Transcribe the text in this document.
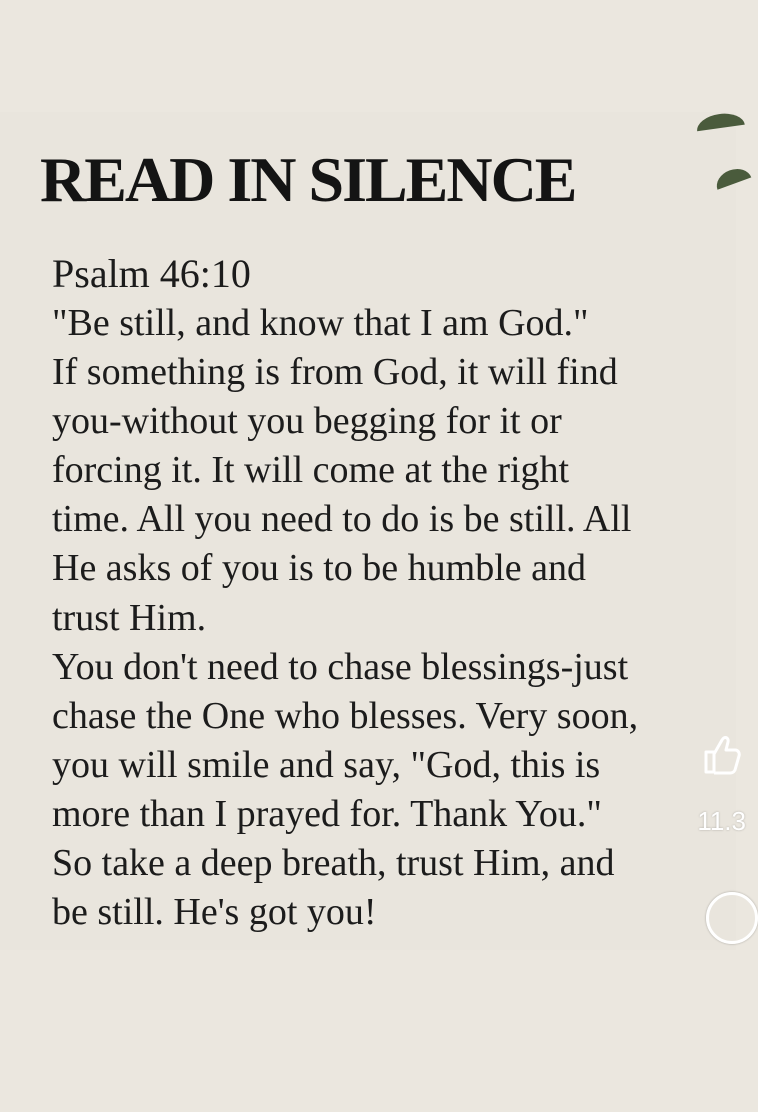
READ IN SILENCE
Psalm 46:10
"Be still, and know that I am God."
If something is from God, it will find
you-without you begging for it or
forcing it. It will come at the right
time. All you need to do is be still. All
He asks of you is to be humble and
trust Him.
You don't need to chase blessings-just
chase the One who blesses. Very soon,
you will smile and say, "God, this is
more than I prayed for. Thank You."
So take a deep breath, trust Him, and
be still. He's got you!
11.3
